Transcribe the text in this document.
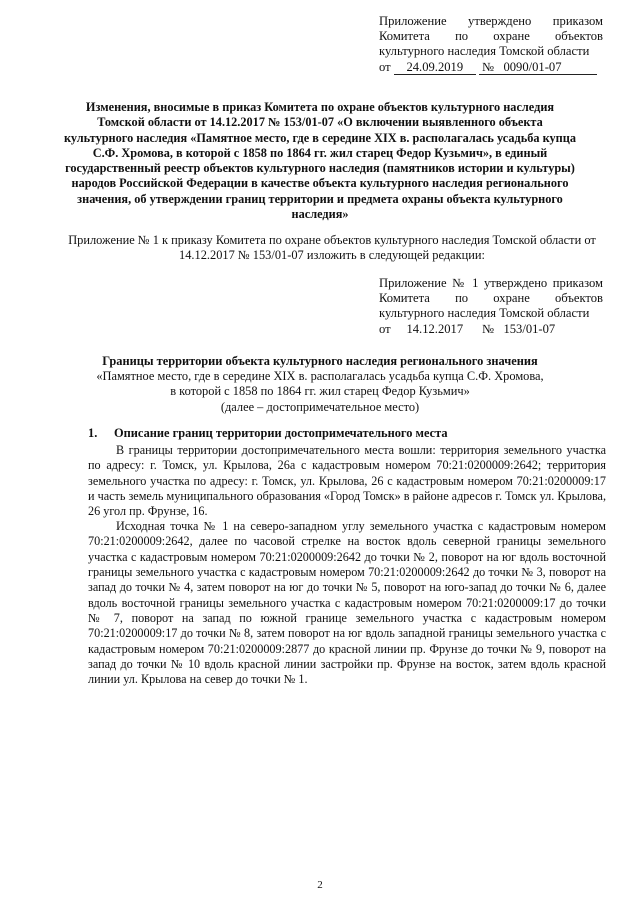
Приложение утверждено приказом
Комитета по охране объектов
культурного наследия Томской области
от 24.09.2019 № 0090/01-07
Изменения, вносимые в приказ Комитета по охране объектов культурного наследия Томской области от 14.12.2017 № 153/01-07 «О включении выявленного объекта культурного наследия «Памятное место, где в середине XIX в. располагалась усадьба купца С.Ф. Хромова, в которой с 1858 по 1864 гг. жил старец Федор Кузьмич», в единый государственный реестр объектов культурного наследия (памятников истории и культуры) народов Российской Федерации в качестве объекта культурного наследия регионального значения, об утверждении границ территории и предмета охраны объекта культурного наследия»
Приложение № 1 к приказу Комитета по охране объектов культурного наследия Томской области от 14.12.2017 № 153/01-07 изложить в следующей редакции:
Приложение № 1 утверждено приказом
Комитета по охране объектов
культурного наследия Томской области
от 14.12.2017 № 153/01-07
Границы территории объекта культурного наследия регионального значения
«Памятное место, где в середине XIX в. располагалась усадьба купца С.Ф. Хромова,
в которой с 1858 по 1864 гг. жил старец Федор Кузьмич»
(далее – достопримечательное место)
1. Описание границ территории достопримечательного места
В границы территории достопримечательного места вошли: территория земельного участка по адресу: г. Томск, ул. Крылова, 26а с кадастровым номером 70:21:0200009:2642; территория земельного участка по адресу: г. Томск, ул. Крылова, 26 с кадастровым номером 70:21:0200009:17 и часть земель муниципального образования «Город Томск» в районе адресов г. Томск ул. Крылова, 26 угол пр. Фрунзе, 16.
Исходная точка № 1 на северо-западном углу земельного участка с кадастровым номером 70:21:0200009:2642, далее по часовой стрелке на восток вдоль северной границы земельного участка с кадастровым номером 70:21:0200009:2642 до точки № 2, поворот на юг вдоль восточной границы земельного участка с кадастровым номером 70:21:0200009:2642 до точки № 3, поворот на запад до точки № 4, затем поворот на юг до точки № 5, поворот на юго-запад до точки № 6, далее вдоль восточной границы земельного участка с кадастровым номером 70:21:0200009:17 до точки № 7, поворот на запад по южной границе земельного участка с кадастровым номером 70:21:0200009:17 до точки № 8, затем поворот на юг вдоль западной границы земельного участка с кадастровым номером 70:21:0200009:2877 до красной линии пр. Фрунзе до точки № 9, поворот на запад до точки № 10 вдоль красной линии застройки пр. Фрунзе на восток, затем вдоль красной линии ул. Крылова на север до точки № 1.
2
